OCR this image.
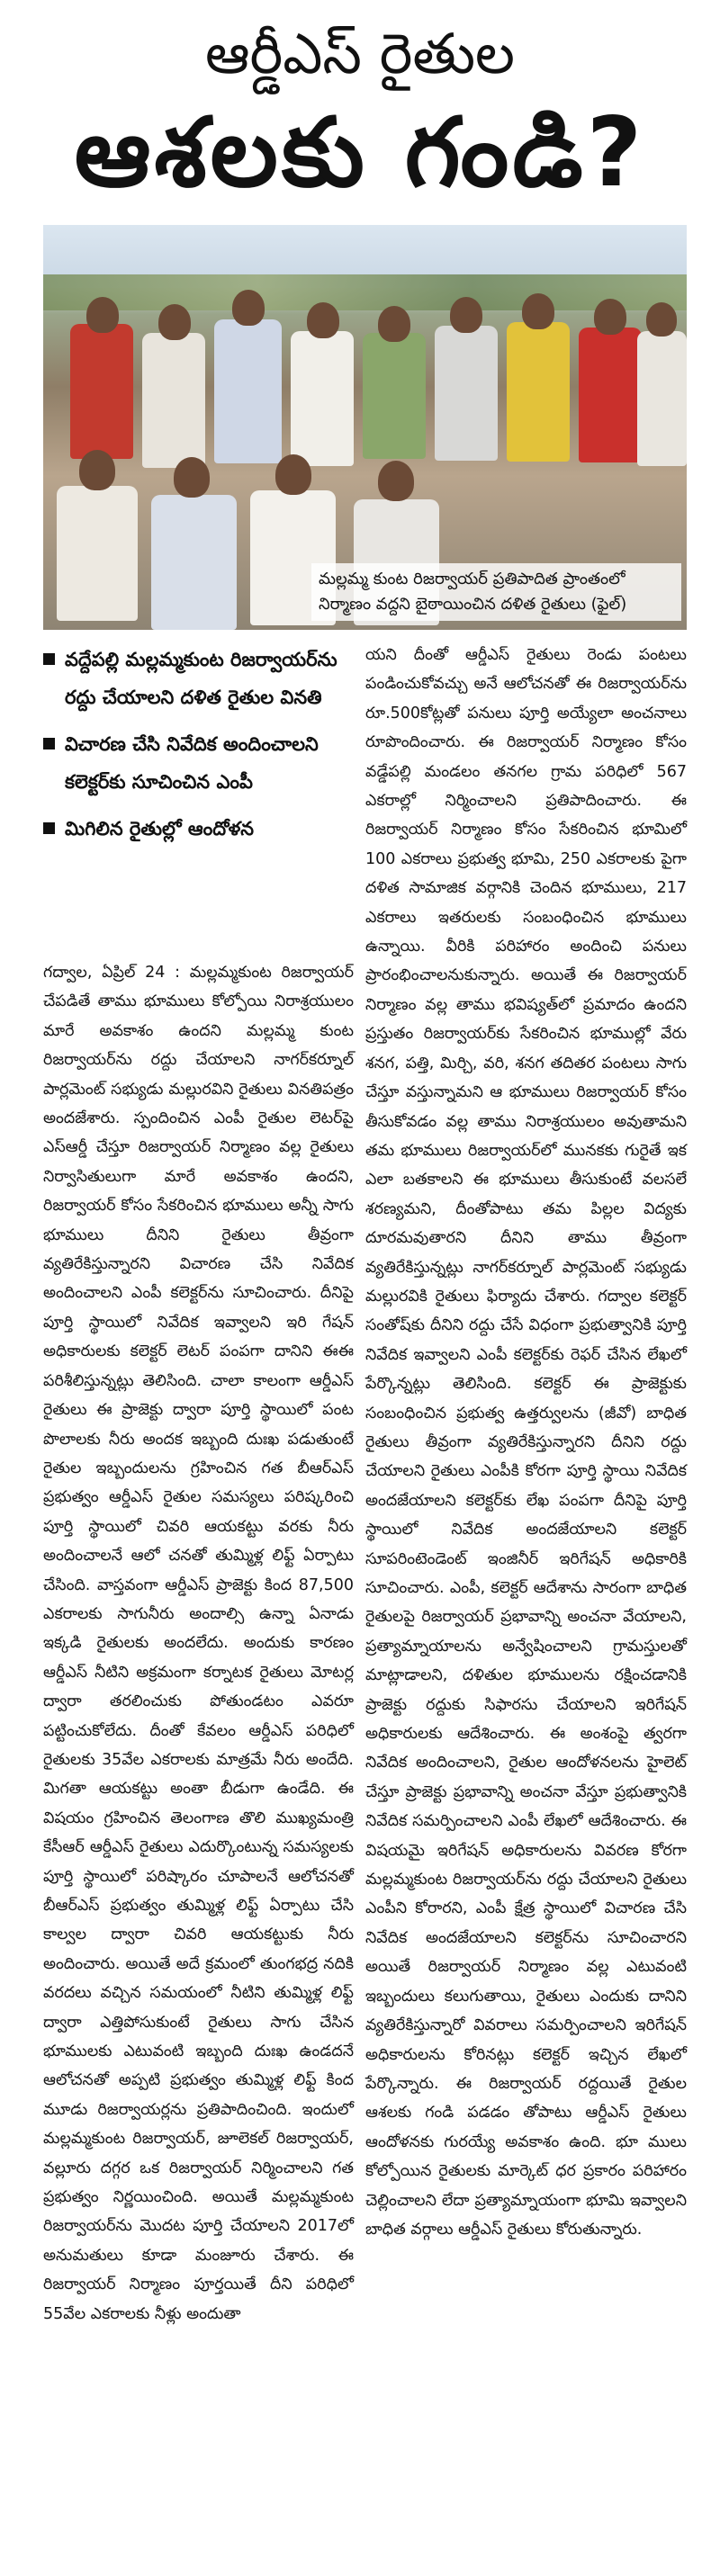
ఆర్డీఎస్ రైతుల
ఆశలకు గండి?
మల్లమ్మ కుంట రిజర్వాయర్ ప్రతిపాదిత ప్రాంతంలో నిర్మాణం వద్దని బైఠాయించిన దళిత రైతులు (ఫైల్)
వద్దేపల్లి మల్లమ్మకుంట రిజర్వాయర్‌ను రద్దు చేయాలని దళిత రైతుల వినతి
విచారణ చేసి నివేదిక అందించాలని కలెక్టర్‌కు సూచించిన ఎంపీ
మిగిలిన రైతుల్లో ఆందోళన

గద్వాల, ఏప్రిల్ 24 : మల్లమ్మకుంట రిజర్వాయర్ చేపడితే తాము భూములు కోల్పోయి నిరాశ్రయులం మారే అవకాశం ఉందని మల్లమ్మ కుంట రిజర్వాయర్‌ను రద్దు చేయాలని నాగర్‌కర్నూల్ పార్లమెంట్ సభ్యుడు మల్లురవిని రైతులు వినతిపత్రం అందజేశారు. స్పందించిన ఎంపీ రైతుల లెటర్‌పై ఎస్ఆర్డీ చేస్తూ రిజర్వాయర్ నిర్మాణం వల్ల రైతులు నిర్వాసితులుగా మారే అవకాశం ఉందని, రిజర్వాయర్ కోసం సేకరించిన భూములు అన్నీ సాగు భూములు దీనిని రైతులు తీవ్రంగా వ్యతిరేకిస్తున్నారని విచారణ చేసి నివేదిక అందించాలని ఎంపీ కలెక్టర్‌ను సూచించారు. దీనిపై పూర్తి స్థాయిలో నివేదిక ఇవ్వాలని ఇరి గేషన్ అధికారులకు కలెక్టర్ లెటర్ పంపగా దానిని ఈఈ పరిశీలిస్తున్నట్లు తెలిసింది. చాలా కాలంగా ఆర్డీఎస్ రైతులు ఈ ప్రాజెక్టు ద్వారా పూర్తి స్థాయిలో పంట పొలాలకు నీరు అందక ఇబ్బంది దుఃఖ పడుతుంటే రైతుల ఇబ్బందులను గ్రహించిన గత బీఆర్ఎస్ ప్రభుత్వం ఆర్డీఎస్ రైతుల సమస్యలు పరిష్కరించి పూర్తి స్థాయిలో చివరి ఆయకట్టు వరకు నీరు అందించాలనే ఆలో చనతో తుమ్మిళ్ల లిఫ్ట్ ఏర్పాటు చేసింది. వాస్తవంగా ఆర్డీఎస్ ప్రాజెక్టు కింద 87,500 ఎకరాలకు సాగునీరు అందాల్సి ఉన్నా ఏనాడు ఇక్కడి రైతులకు అందలేదు. అందుకు కారణం ఆర్డీఎస్ నీటిని అక్రమంగా కర్నాటక రైతులు మోటర్ల ద్వారా తరలించుకు పోతుండటం ఎవరూ పట్టించుకోలేదు. దీంతో కేవలం ఆర్డీఎస్ పరిధిలో రైతులకు 35వేల ఎకరాలకు మాత్రమే నీరు అందేది. మిగతా ఆయకట్టు అంతా బీడుగా ఉండేది. ఈ విషయం గ్రహించిన తెలంగాణ తొలి ముఖ్యమంత్రి కేసీఆర్ ఆర్డీఎస్ రైతులు ఎదుర్కొంటున్న సమస్యలకు పూర్తి స్థాయిలో పరిష్కారం చూపాలనే ఆలోచనతో బీఆర్ఎస్ ప్రభుత్వం తుమ్మిళ్ల లిఫ్ట్ ఏర్పాటు చేసి కాల్వల ద్వారా చివరి ఆయకట్టుకు నీరు అందించారు. అయితే అదే క్రమంలో తుంగభద్ర నదికి వరదలు వచ్చిన సమయంలో నీటిని తుమ్మిళ్ల లిఫ్ట్ ద్వారా ఎత్తిపోసుకుంటే రైతులు సాగు చేసిన భూములకు ఎటువంటి ఇబ్బంది దుఃఖ ఉండదనే ఆలోచనతో అప్పటి ప్రభుత్వం తుమ్మిళ్ల లిఫ్ట్ కింద మూడు రిజర్వాయర్లను ప్రతిపాదించింది. ఇందులో మల్లమ్మకుంట రిజర్వాయర్, జూలెకల్ రిజర్వాయర్, వల్లూరు దగ్గర ఒక రిజర్వాయర్ నిర్మించాలని గత ప్రభుత్వం నిర్ణయించింది. అయితే మల్లమ్మకుంట రిజర్వాయర్‌ను మొదట పూర్తి చేయాలని 2017లో అనుమతులు కూడా మంజూరు చేశారు. ఈ రిజర్వాయర్ నిర్మాణం పూర్తయితే దీని పరిధిలో 55వేల ఎకరాలకు నీళ్లు అందుతా

యని దీంతో ఆర్డీఎస్ రైతులు రెండు పంటలు పండించుకోవచ్చు అనే ఆలోచనతో ఈ రిజర్వాయర్‌ను రూ.500కోట్లతో పనులు పూర్తి అయ్యేలా అంచనాలు రూపొందించారు. ఈ రిజర్వాయర్ నిర్మాణం కోసం వడ్డేపల్లి మండలం తనగల గ్రామ పరిధిలో 567 ఎకరాల్లో నిర్మించాలని ప్రతిపాదించారు. ఈ రిజర్వాయర్ నిర్మాణం కోసం సేకరించిన భూమిలో 100 ఎకరాలు ప్రభుత్వ భూమి, 250 ఎకరాలకు పైగా దళిత సామాజిక వర్గానికి చెందిన భూములు, 217 ఎకరాలు ఇతరులకు సంబంధించిన భూములు ఉన్నాయి. వీరికి పరిహారం అందించి పనులు ప్రారంభించాలనుకున్నారు. అయితే ఈ రిజర్వాయర్ నిర్మాణం వల్ల తాము భవిష్యత్‌లో ప్రమాదం ఉందని ప్రస్తుతం రిజర్వాయర్‌కు సేకరించిన భూముల్లో వేరు శనగ, పత్తి, మిర్చి, వరి, శనగ తదితర పంటలు సాగు చేస్తూ వస్తున్నామని ఆ భూములు రిజర్వాయర్ కోసం తీసుకోవడం వల్ల తాము నిరాశ్రయులం అవుతామని తమ భూములు రిజర్వాయర్‌లో మునకకు గురైతే ఇక ఎలా బతకాలని ఈ భూములు తీసుకుంటే వలసలే శరణ్యమని, దీంతోపాటు తమ పిల్లల విద్యకు దూరమవుతారని దీనిని తాము తీవ్రంగా వ్యతిరేకిస్తున్నట్లు నాగర్‌కర్నూల్ పార్లమెంట్ సభ్యుడు మల్లురవికి రైతులు ఫిర్యాదు చేశారు. గద్వాల కలెక్టర్ సంతోష్‌కు దీనిని రద్దు చేసే విధంగా ప్రభుత్వానికి పూర్తి నివేదిక ఇవ్వాలని ఎంపీ కలెక్టర్‌కు రెఫర్ చేసిన లేఖలో పేర్కొన్నట్లు తెలిసింది. కలెక్టర్ ఈ ప్రాజెక్టుకు సంబంధించిన ప్రభుత్వ ఉత్తర్వులను (జీవో) బాధిత రైతులు తీవ్రంగా వ్యతిరేకిస్తున్నారని దీనిని రద్దు చేయాలని రైతులు ఎంపీకి కోరగా పూర్తి స్థాయి నివేదిక అందజేయాలని కలెక్టర్‌కు లేఖ పంపగా దీనిపై పూర్తి స్థాయిలో నివేదిక అందజేయాలని కలెక్టర్ సూపరింటెండెంట్ ఇంజినీర్ ఇరిగేషన్ అధికారికి సూచించారు. ఎంపీ, కలెక్టర్ ఆదేశాను సారంగా బాధిత రైతులపై రిజర్వాయర్ ప్రభావాన్ని అంచనా వేయాలని, ప్రత్యామ్నాయాలను అన్వేషించాలని గ్రామస్తులతో మాట్లాడాలని, దళితుల భూములను రక్షించడానికి ప్రాజెక్టు రద్దుకు సిఫారసు చేయాలని ఇరిగేషన్ అధికారులకు ఆదేశించారు. ఈ అంశంపై త్వరగా నివేదిక అందించాలని, రైతుల ఆందోళనలను హైలెట్ చేస్తూ ప్రాజెక్టు ప్రభావాన్ని అంచనా వేస్తూ ప్రభుత్వానికి నివేదిక సమర్పించాలని ఎంపీ లేఖలో ఆదేశించారు. ఈ విషయమై ఇరిగేషన్ అధికారులను వివరణ కోరగా మల్లమ్మకుంట రిజర్వాయర్‌ను రద్దు చేయాలని రైతులు ఎంపీని కోరారని, ఎంపీ క్షేత్ర స్థాయిలో విచారణ చేసి నివేదిక అందజేయాలని కలెక్టర్‌ను సూచించారని అయితే రిజర్వాయర్ నిర్మాణం వల్ల ఎటువంటి ఇబ్బందులు కలుగుతాయి, రైతులు ఎందుకు దానిని వ్యతిరేకిస్తున్నారో వివరాలు సమర్పించాలని ఇరిగేషన్ అధికారులను కోరినట్లు కలెక్టర్ ఇచ్చిన లేఖలో పేర్కొన్నారు. ఈ రిజర్వాయర్ రద్దయితే రైతుల ఆశలకు గండి పడడం తోపాటు ఆర్డీఎస్ రైతులు ఆందోళనకు గురయ్యే అవకాశం ఉంది. భూ ములు కోల్పోయిన రైతులకు మార్కెట్ ధర ప్రకారం పరిహారం చెల్లించాలని లేదా ప్రత్యామ్నాయంగా భూమి ఇవ్వాలని బాధిత వర్గాలు ఆర్డీఎస్ రైతులు కోరుతున్నారు.
